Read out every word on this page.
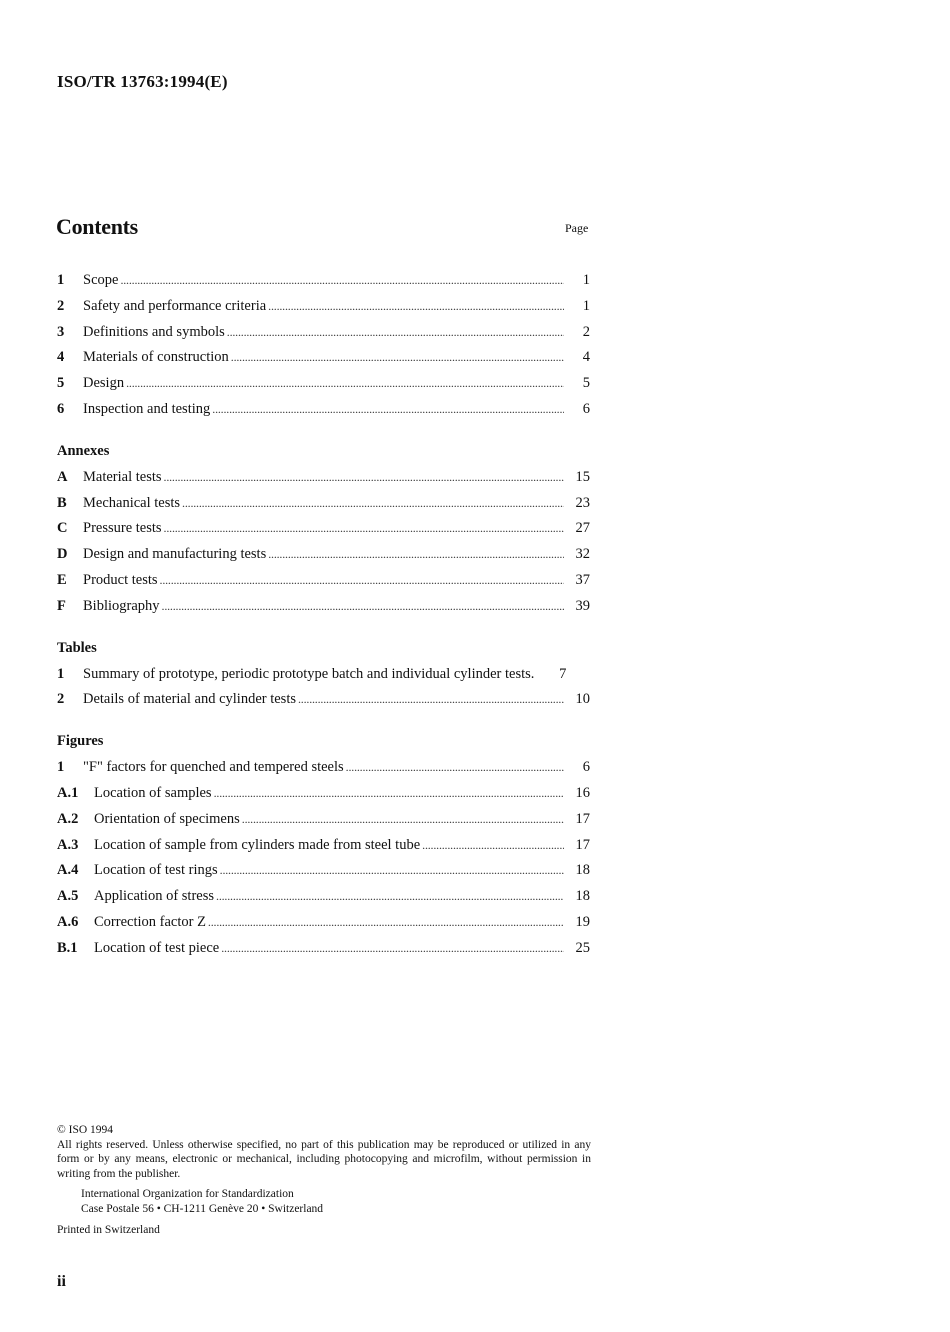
ISO/TR 13763:1994(E)
Contents	Page
1	Scope . . .	1
2	Safety and performance criteria . . .	1
3	Definitions and symbols . . .	2
4	Materials of construction . . .	4
5	Design . . .	5
6	Inspection and testing . . .	6
Annexes
A	Material tests . . .	15
B	Mechanical tests . . .	23
C	Pressure tests . . .	27
D	Design and manufacturing tests . . .	32
E	Product tests . . .	37
F	Bibliography . . .	39
Tables
1	Summary of prototype, periodic prototype batch and individual cylinder tests.	7
2	Details of material and cylinder tests . . .	10
Figures
1	"F" factors for quenched and tempered steels . . .	6
A.1	Location of samples . . .	16
A.2	Orientation of specimens . . .	17
A.3	Location of sample from cylinders made from steel tube . . .	17
A.4	Location of test rings . . .	18
A.5	Application of stress . . .	18
A.6	Correction factor Z . . .	19
B.1	Location of test piece . . .	25
© ISO 1994
All rights reserved. Unless otherwise specified, no part of this publication may be reproduced or utilized in any form or by any means, electronic or mechanical, including photocopying and microfilm, without permission in writing from the publisher.
International Organization for Standardization
Case Postale 56 • CH-1211 Genève 20 • Switzerland
Printed in Switzerland
ii
